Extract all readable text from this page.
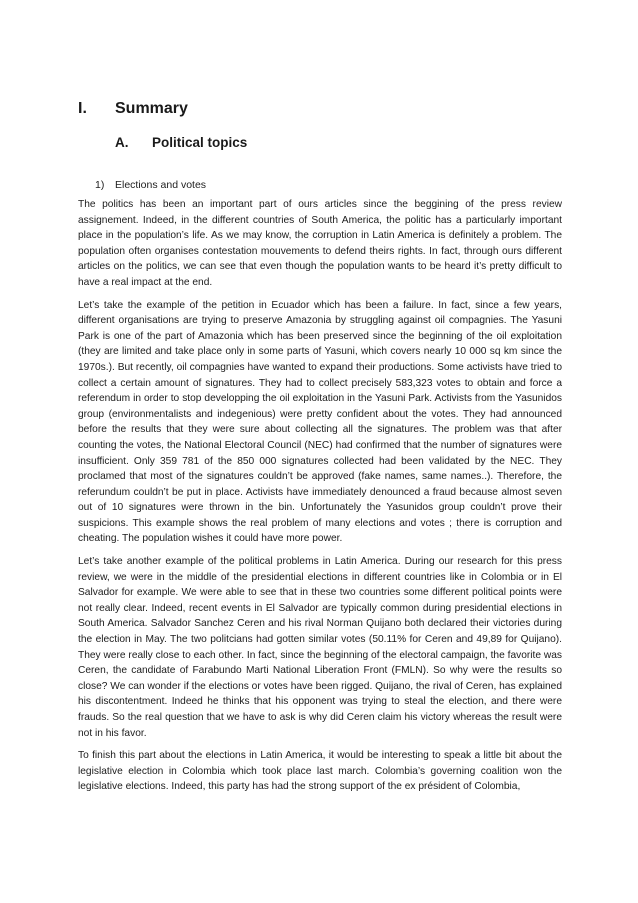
I. Summary
A. Political topics
1) Elections and votes

The politics has been an important part of ours articles since the beggining of the press review assignement. Indeed, in the different countries of South America, the politic has a particularly important place in the population’s life. As we may know, the corruption in Latin America is definitely a problem. The population often organises contestation mouvements to defend theirs rights. In fact, through ours different articles on the politics, we can see that even though the population wants to be heard it’s pretty difficult to have a real impact at the end.

Let’s take the example of the petition in Ecuador which has been a failure. In fact, since a few years, different organisations are trying to preserve Amazonia by struggling against oil compagnies. The Yasuni Park is one of the part of Amazonia which has been preserved since the beginning of the oil exploitation (they are limited and take place only in some parts of Yasuni, which covers nearly 10 000 sq km since the 1970s.). But recently, oil compagnies have wanted to expand their productions. Some activists have tried to collect a certain amount of signatures. They had to collect precisely 583,323 votes to obtain and force a referendum in order to stop developping the oil exploitation in the Yasuni Park. Activists from the Yasunidos group (environmentalists and indegenious) were pretty confident about the votes. They had announced before the results that they were sure about collecting all the signatures. The problem was that after counting the votes, the National Electoral Council (NEC) had confirmed that the number of signatures were insufficient. Only 359 781 of the 850 000 signatures collected had been validated by the NEC. They proclamed that most of the signatures couldn’t be approved (fake names, same names..). Therefore, the referundum couldn’t be put in place. Activists have immediately denounced a fraud because almost seven out of 10 signatures were thrown in the bin. Unfortunately the Yasunidos group couldn’t prove their suspicions. This example shows the real problem of many elections and votes ; there is corruption and cheating. The population wishes it could have more power.

Let’s take another example of the political problems in Latin America. During our research for this press review, we were in the middle of the presidential elections in different countries like in Colombia or in El Salvador for example. We were able to see that in these two countries some different political points were not really clear. Indeed, recent events in El Salvador are typically common during presidential elections in South America. Salvador Sanchez Ceren and his rival Norman Quijano both declared their victories during the election in May. The two politcians had gotten similar votes (50.11% for Ceren and 49,89 for Quijano). They were really close to each other. In fact, since the beginning of the electoral campaign, the favorite was Ceren, the candidate of Farabundo Marti National Liberation Front (FMLN). So why were the results so close? We can wonder if the elections or votes have been rigged. Quijano, the rival of Ceren, has explained his discontentment. Indeed he thinks that his opponent was trying to steal the election, and there were frauds. So the real question that we have to ask is why did Ceren claim his victory whereas the result were not in his favor.

To finish this part about the elections in Latin America, it would be interesting to speak a little bit about the legislative election in Colombia which took place last march. Colombia’s governing coalition won the legislative elections. Indeed, this party has had the strong support of the ex président of Colombia,
